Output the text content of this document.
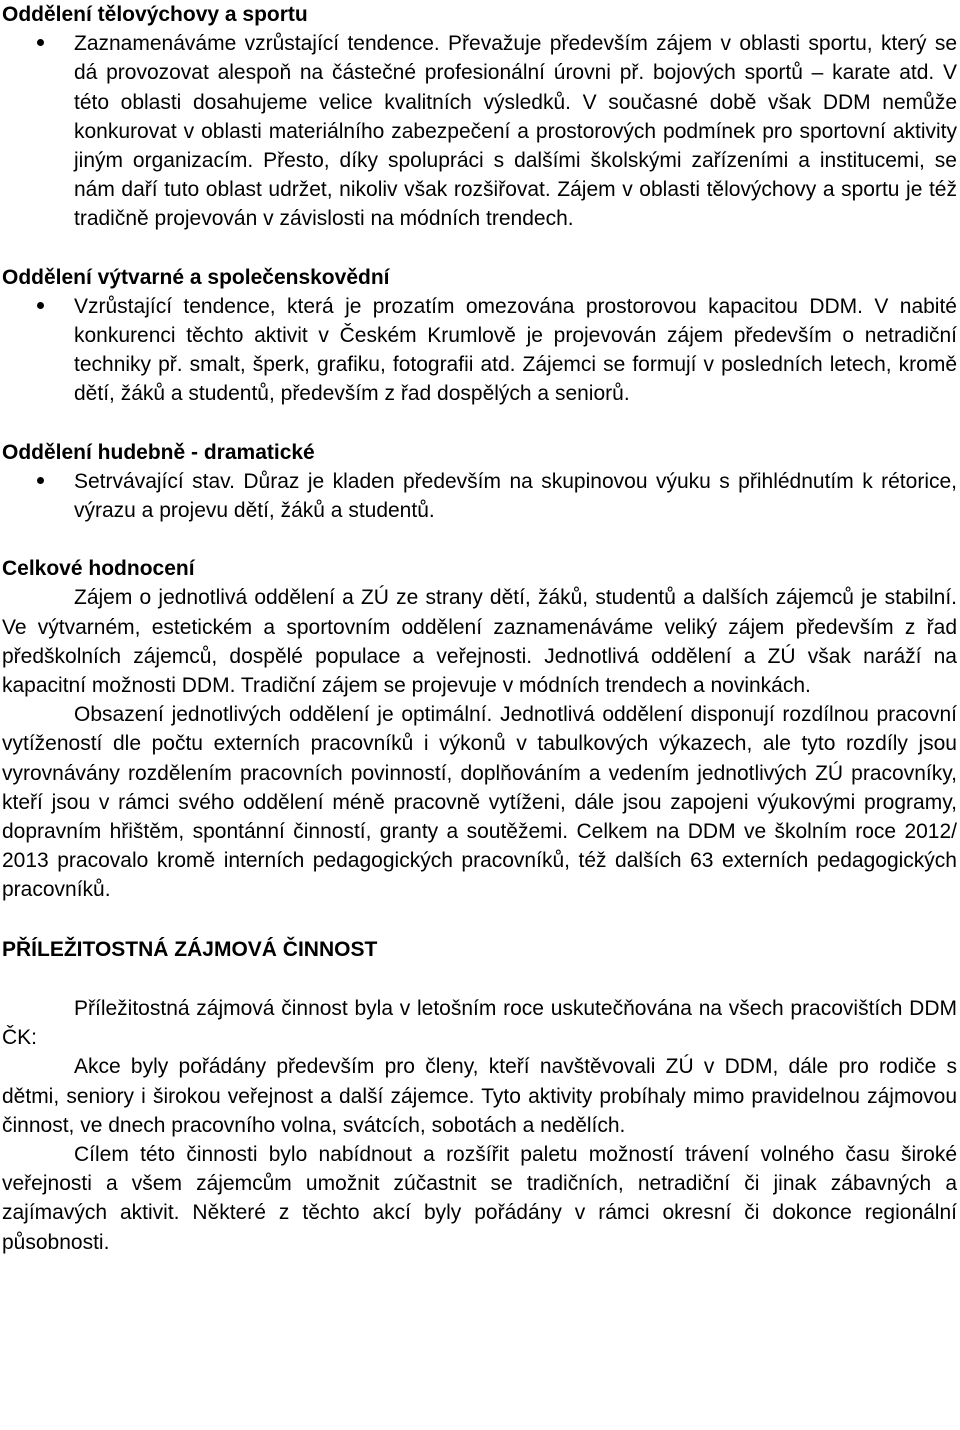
Oddělení tělovýchovy a sportu
Zaznamenáváme vzrůstající tendence. Převažuje především zájem v oblasti sportu, který se dá provozovat alespoň na částečné profesionální úrovni př. bojových sportů – karate atd. V této oblasti dosahujeme velice kvalitních výsledků. V současné době však DDM nemůže konkurovat v oblasti materiálního zabezpečení a prostorových podmínek pro sportovní aktivity jiným organizacím. Přesto, díky spolupráci s dalšími školskými zařízeními a institucemi, se nám daří tuto oblast udržet, nikoliv však rozšiřovat. Zájem v oblasti tělovýchovy a sportu je též tradičně projevován v závislosti na módních trendech.
Oddělení výtvarné a společenskovědní
Vzrůstající tendence, která je prozatím omezována prostorovou kapacitou DDM. V nabité konkurenci těchto aktivit v Českém Krumlově je projevován zájem především o netradiční techniky př. smalt, šperk, grafiku, fotografii atd. Zájemci se formují v posledních letech, kromě dětí, žáků a studentů, především z řad dospělých a seniorů.
Oddělení hudebně - dramatické
Setrvávající stav. Důraz je kladen především na skupinovou výuku s přihlédnutím k rétorice, výrazu a projevu dětí, žáků a studentů.
Celkové hodnocení

Zájem o jednotlivá oddělení a ZÚ ze strany dětí, žáků, studentů a dalších zájemců je stabilní. Ve výtvarném, estetickém a sportovním oddělení zaznamenáváme veliký zájem především z řad předškolních zájemců, dospělé populace a veřejnosti. Jednotlivá oddělení a ZÚ však naráží na kapacitní možnosti DDM. Tradiční zájem se projevuje v módních trendech a novinkách.

Obsazení jednotlivých oddělení je optimální. Jednotlivá oddělení disponují rozdílnou pracovní vytížeností dle počtu externích pracovníků i výkonů v tabulkových výkazech, ale tyto rozdíly jsou vyrovnávány rozdělením pracovních povinností, doplňováním a vedením jednotlivých ZÚ pracovníky, kteří jsou v rámci svého oddělení méně pracovně vytíženi, dále jsou zapojeni výukovými programy, dopravním hřištěm, spontánní činností, granty a soutěžemi. Celkem na DDM ve školním roce 2012/ 2013 pracovalo kromě interních pedagogických pracovníků, též dalších 63 externích pedagogických pracovníků.

PŘÍLEŽITOSTNÁ ZÁJMOVÁ ČINNOST

Příležitostná zájmová činnost byla v letošním roce uskutečňována na všech pracovištích DDM ČK:

Akce byly pořádány především pro členy, kteří navštěvovali ZÚ v DDM, dále pro rodiče s dětmi, seniory i širokou veřejnost a další zájemce. Tyto aktivity probíhaly mimo pravidelnou zájmovou činnost, ve dnech pracovního volna, svátcích, sobotách a nedělích.

Cílem této činnosti bylo nabídnout a rozšířit paletu možností trávení volného času široké veřejnosti a všem zájemcům umožnit zúčastnit se tradičních, netradiční či jinak zábavných a zajímavých aktivit. Některé z těchto akcí byly pořádány v rámci okresní či dokonce regionální působnosti.
